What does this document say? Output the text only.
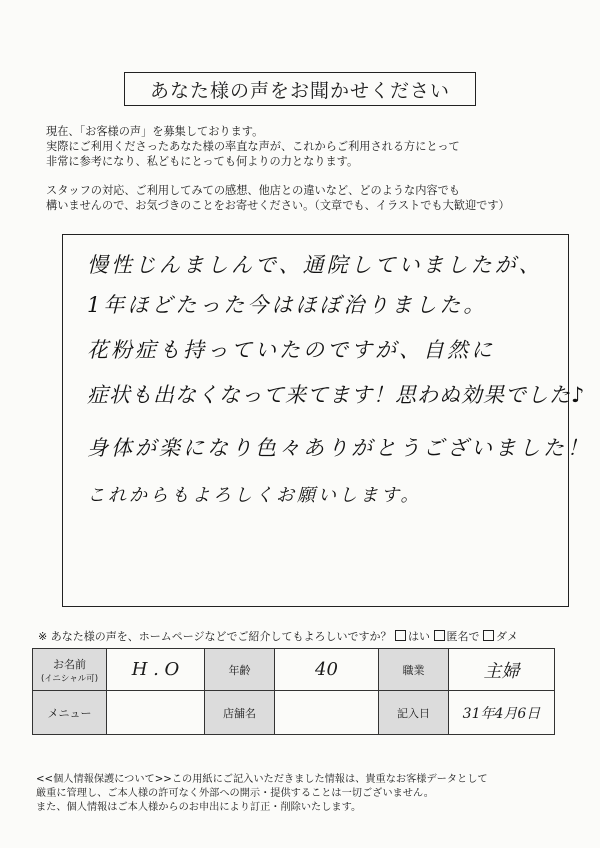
あなた様の声をお聞かせください

現在、「お客様の声」を募集しております。

実際にご利用くださったあなた様の率直な声が、これからご利用される方にとって

非常に参考になり、私どもにとっても何よりの力となります。

スタッフの対応、ご利用してみての感想、他店との違いなど、どのような内容でも

構いませんので、お気づきのことをお寄せください。（文章でも、イラストでも大歓迎です）

慢性じんましんで、通院していましたが、
1年ほどたった今はほぼ治りました。
花粉症も持っていたのですが、自然に
症状も出なくなって来てます！思わぬ効果でした♪
身体が楽になり色々ありがとうございました！
これからもよろしくお願いします。
※ あなた様の声を、ホームページなどでご紹介してもよろしいですか？ はい 匿名で ダメ
お名前
(イニシャル可)	H . O	年齢	40	職業	主婦
メニュー		店舗名		記入日	31年4月6日

<<個人情報保護について>>この用紙にご記入いただきました情報は、貴重なお客様データとして

厳重に管理し、ご本人様の許可なく外部への開示・提供することは一切ございません。

また、個人情報はご本人様からのお申出により訂正・削除いたします。
